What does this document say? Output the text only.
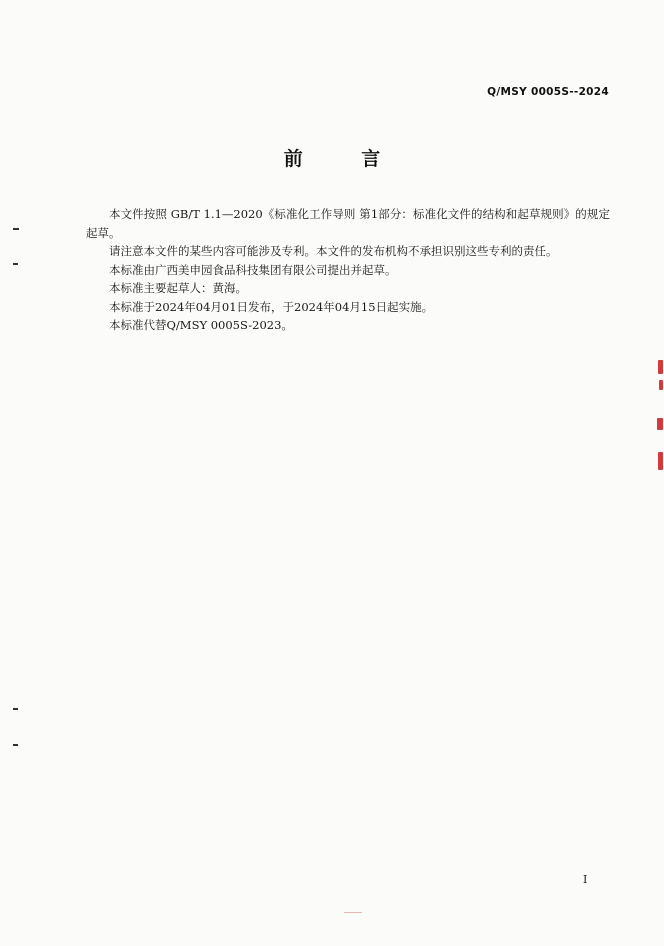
Q/MSY 0005S--2024
前 言

本文件按照 GB/T 1.1—2020《标准化工作导则 第1部分：标准化文件的结构和起草规则》的规定起草。

请注意本文件的某些内容可能涉及专利。本文件的发布机构不承担识别这些专利的责任。

本标准由广西美申园食品科技集团有限公司提出并起草。

本标准主要起草人：黄海。

本标准于2024年04月01日发布，于2024年04月15日起实施。

本标准代替Q/MSY 0005S-2023。

I
